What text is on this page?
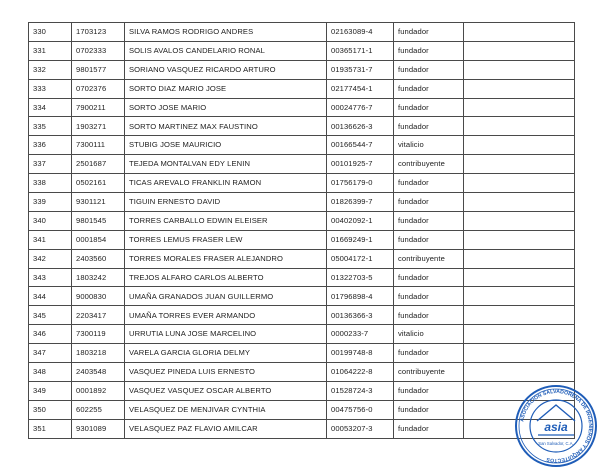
330	1703123	SILVA RAMOS RODRIGO ANDRES	02163089-4	fundador	
331	0702333	SOLIS AVALOS CANDELARIO RONAL	00365171-1	fundador	
332	9801577	SORIANO VASQUEZ RICARDO ARTURO	01935731-7	fundador	
333	0702376	SORTO DIAZ MARIO JOSE	02177454-1	fundador	
334	7900211	SORTO JOSE MARIO	00024776-7	fundador	
335	1903271	SORTO MARTINEZ MAX FAUSTINO	00136626-3	fundador	
336	7300111	STUBIG JOSE MAURICIO	00166544-7	vitalicio	
337	2501687	TEJEDA MONTALVAN EDY LENIN	00101925-7	contribuyente	
338	0502161	TICAS AREVALO FRANKLIN RAMON	01756179-0	fundador	
339	9301121	TIGUIN ERNESTO DAVID	01826399-7	fundador	
340	9801545	TORRES CARBALLO EDWIN ELEISER	00402092-1	fundador	
341	0001854	TORRES LEMUS FRASER LEW	01669249-1	fundador	
342	2403560	TORRES MORALES FRASER ALEJANDRO	05004172-1	contribuyente	
343	1803242	TREJOS ALFARO CARLOS ALBERTO	01322703-5	fundador	
344	9000830	UMAÑA GRANADOS JUAN GUILLERMO	01796898-4	fundador	
345	2203417	UMAÑA TORRES EVER ARMANDO	00136366-3	fundador	
346	7300119	URRUTIA LUNA JOSE MARCELINO	0000233-7	vitalicio	
347	1803218	VARELA GARCIA GLORIA DELMY	00199748-8	fundador	
348	2403548	VASQUEZ PINEDA LUIS ERNESTO	01064222-8	contribuyente	
349	0001892	VASQUEZ VASQUEZ OSCAR ALBERTO	01528724-3	fundador	
350	602255	VELASQUEZ DE MENJIVAR CYNTHIA	00475756-0	fundador	
351	9301089	VELASQUEZ PAZ FLAVIO AMILCAR	00053207-3	fundador	
ASOCIACION SALVADOREÑA DE INGENIEROS Y ARQUITECTOS
asia
San Salvador, C.A.
